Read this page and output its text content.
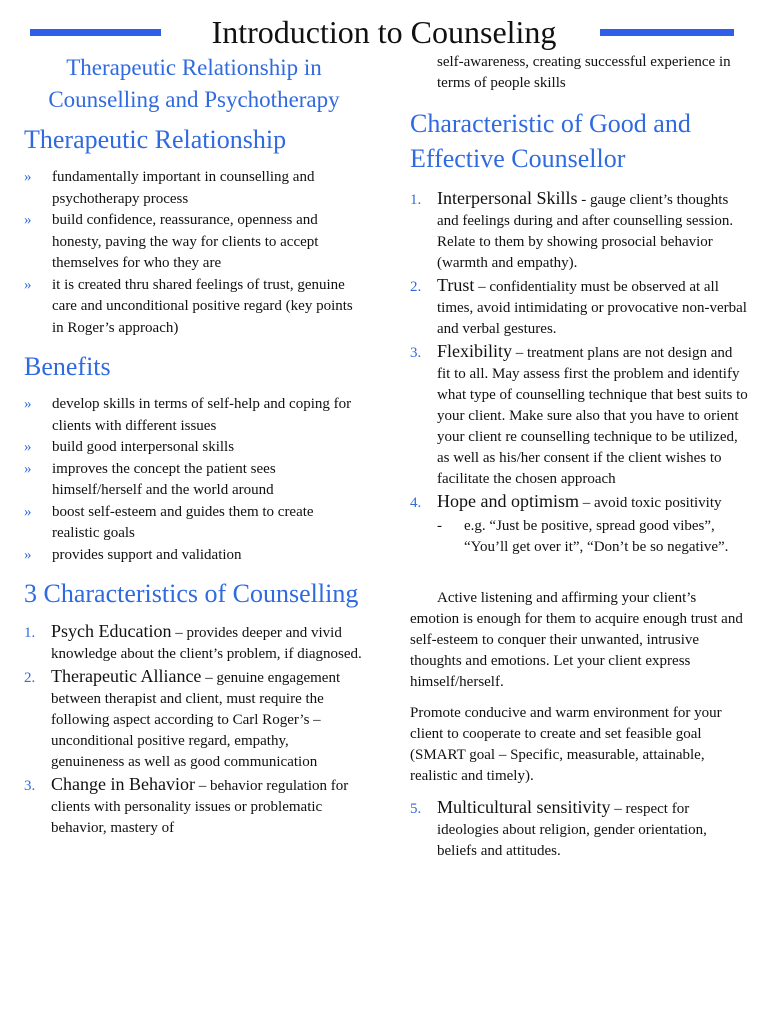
Introduction to Counseling
Therapeutic Relationship in Counselling and Psychotherapy
Therapeutic Relationship
» fundamentally important in counselling and psychotherapy process
» build confidence, reassurance, openness and honesty, paving the way for clients to accept themselves for who they are
» it is created thru shared feelings of trust, genuine care and unconditional positive regard (key points in Roger’s approach)
Benefits
» develop skills in terms of self-help and coping for clients with different issues
» build good interpersonal skills
» improves the concept the patient sees himself/herself and the world around
» boost self-esteem and guides them to create realistic goals
» provides support and validation
3 Characteristics of Counselling
1. Psych Education – provides deeper and vivid knowledge about the client’s problem, if diagnosed.
2. Therapeutic Alliance – genuine engagement between therapist and client, must require the following aspect according to Carl Roger’s – unconditional positive regard, empathy, genuineness as well as good communication
3. Change in Behavior – behavior regulation for clients with personality issues or problematic behavior, mastery of

self-awareness, creating successful experience in terms of people skills

Characteristic of Good and Effective Counsellor
1. Interpersonal Skills - gauge client’s thoughts and feelings during and after counselling session. Relate to them by showing prosocial behavior (warmth and empathy).
2. Trust – confidentiality must be observed at all times, avoid intimidating or provocative non-verbal and verbal gestures.
3. Flexibility – treatment plans are not design and fit to all. May assess first the problem and identify what type of counselling technique that best suits to your client. Make sure also that you have to orient your client re counselling technique to be utilized, as well as his/her consent if the client wishes to facilitate the chosen approach
4. Hope and optimism – avoid toxic positivity
- e.g. “Just be positive, spread good vibes”, “You’ll get over it”, “Don’t be so negative”.

Active listening and affirming your client’s emotion is enough for them to acquire enough trust and self-esteem to conquer their unwanted, intrusive thoughts and emotions. Let your client express himself/herself.

Promote conducive and warm environment for your client to cooperate to create and set feasible goal (SMART goal – Specific, measurable, attainable, realistic and timely).

5. Multicultural sensitivity – respect for ideologies about religion, gender orientation, beliefs and attitudes.
